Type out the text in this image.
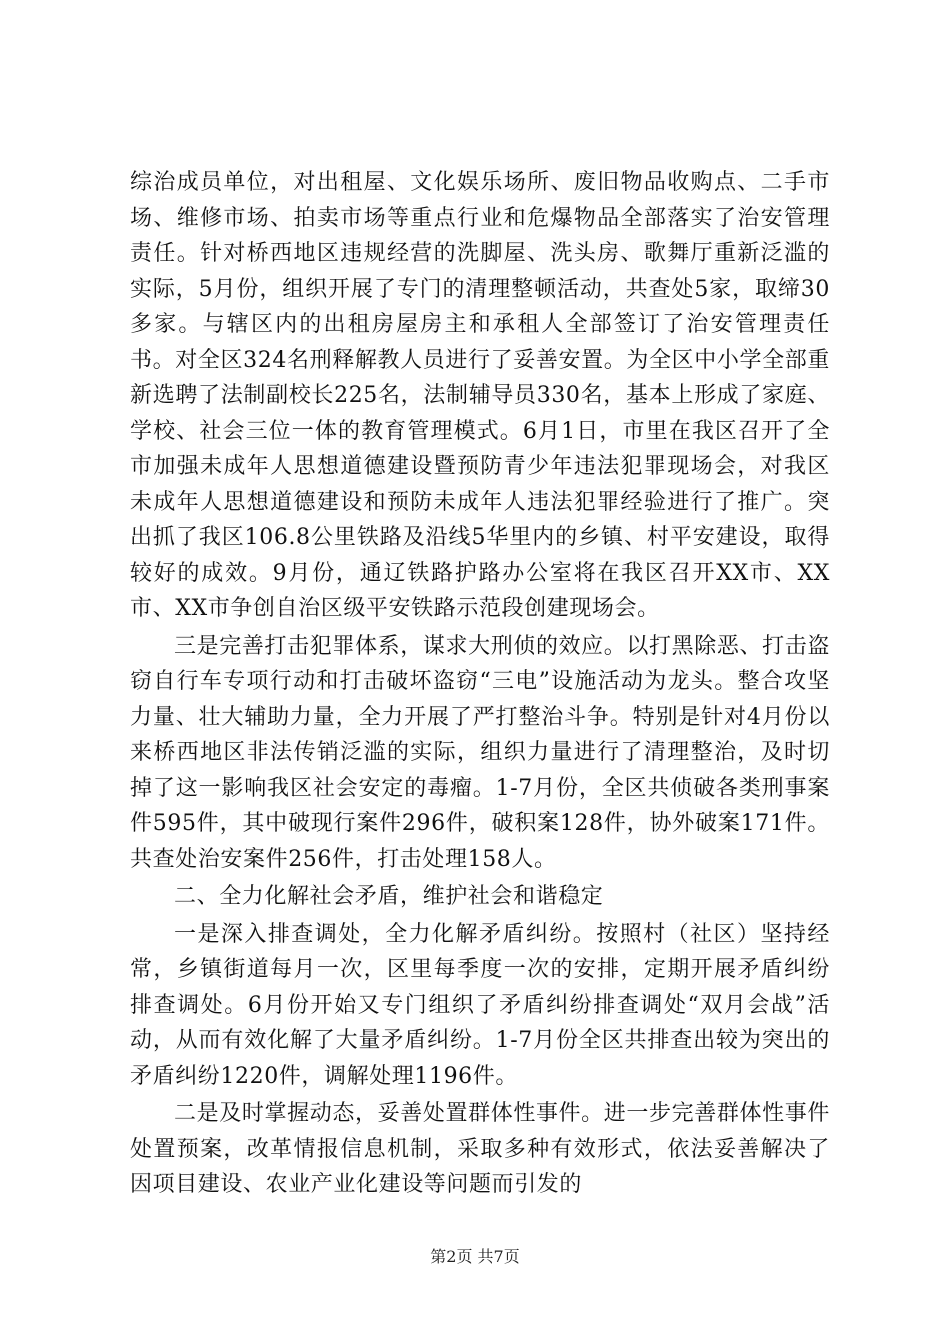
综治成员单位，对出租屋、文化娱乐场所、废旧物品收购点、二手市场、维修市场、拍卖市场等重点行业和危爆物品全部落实了治安管理责任。针对桥西地区违规经营的洗脚屋、洗头房、歌舞厅重新泛滥的实际，5月份，组织开展了专门的清理整顿活动，共查处5家，取缔30多家。与辖区内的出租房屋房主和承租人全部签订了治安管理责任书。对全区324名刑释解教人员进行了妥善安置。为全区中小学全部重新选聘了法制副校长225名，法制辅导员330名，基本上形成了家庭、学校、社会三位一体的教育管理模式。6月1日，市里在我区召开了全市加强未成年人思想道德建设暨预防青少年违法犯罪现场会，对我区未成年人思想道德建设和预防未成年人违法犯罪经验进行了推广。突出抓了我区106.8公里铁路及沿线5华里内的乡镇、村平安建设，取得较好的成效。9月份，通辽铁路护路办公室将在我区召开XX市、XX市、XX市争创自治区级平安铁路示范段创建现场会。

三是完善打击犯罪体系，谋求大刑侦的效应。以打黑除恶、打击盗窃自行车专项行动和打击破坏盗窃“三电”设施活动为龙头。整合攻坚力量、壮大辅助力量，全力开展了严打整治斗争。特别是针对4月份以来桥西地区非法传销泛滥的实际，组织力量进行了清理整治，及时切掉了这一影响我区社会安定的毒瘤。1-7月份，全区共侦破各类刑事案件595件，其中破现行案件296件，破积案128件，协外破案171件。共查处治安案件256件，打击处理158人。

二、全力化解社会矛盾，维护社会和谐稳定

一是深入排查调处，全力化解矛盾纠纷。按照村（社区）坚持经常，乡镇街道每月一次，区里每季度一次的安排，定期开展矛盾纠纷排查调处。6月份开始又专门组织了矛盾纠纷排查调处“双月会战”活动，从而有效化解了大量矛盾纠纷。1-7月份全区共排查出较为突出的矛盾纠纷1220件，调解处理1196件。

二是及时掌握动态，妥善处置群体性事件。进一步完善群体性事件处置预案，改革情报信息机制，采取多种有效形式，依法妥善解决了因项目建设、农业产业化建设等问题而引发的

第2页 共7页
